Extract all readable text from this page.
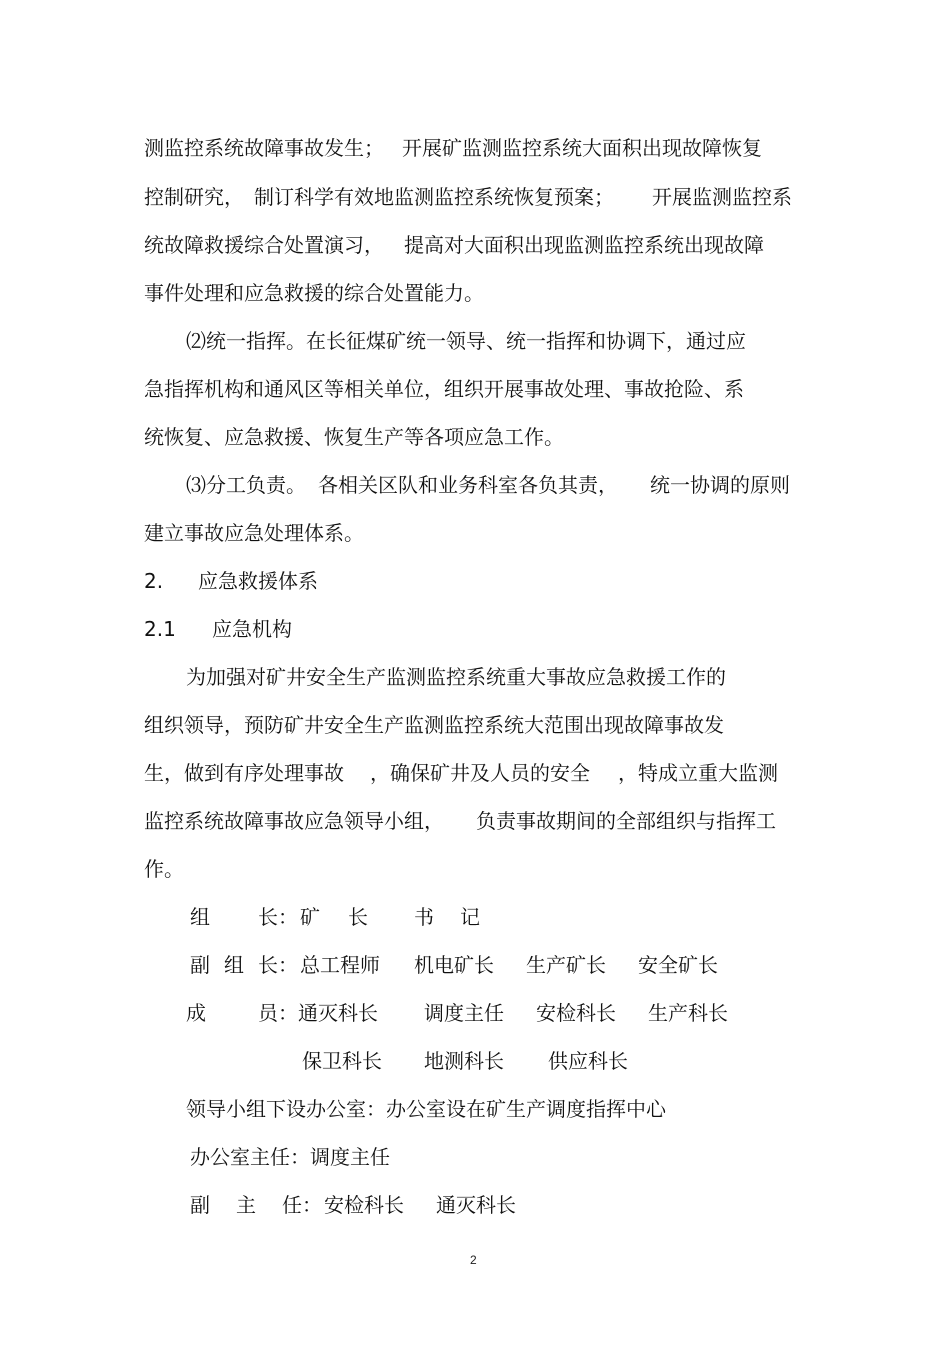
测监控系统故障事故发生；

开展矿监测监控系统大面积出现故障恢复

控制研究，

制订科学有效地监测监控系统恢复预案；

开展监测监控系

统故障救援综合处置演习，

提高对大面积出现监测监控系统出现故障

事件处理和应急救援的综合处置能力。
⑵统一指挥。在长征煤矿统一领导、统一指挥和协调下，通过应
急指挥机构和通风区等相关单位，组织开展事故处理、事故抢险、系
统恢复、应急救援、恢复生产等各项应急工作。

⑶分工负责。

各相关区队和业务科室各负其责，

统一协调的原则

建立事故应急处理体系。

2.

应急救援体系

2.1

应急机构

为加强对矿井安全生产监测监控系统重大事故应急救援工作的
组织领导，预防矿井安全生产监测监控系统大范围出现故障事故发

生，做到有序处理事故

，确保矿井及人员的安全

，特成立重大监测

监控系统故障事故应急领导小组，

负责事故期间的全部组织与指挥工

作。

组

长：

矿

长

书

记

副

组

长：

总工程师

机电矿长

生产矿长

安全矿长

成

	员：

通灭科长

调度主任

安检科长

生产科长

保卫科长

地测科长

供应科长

领导小组下设办公室：办公室设在矿生产调度指挥中心
办公室主任：调度主任

副

主

任：

安检科长

通灭科长

2
